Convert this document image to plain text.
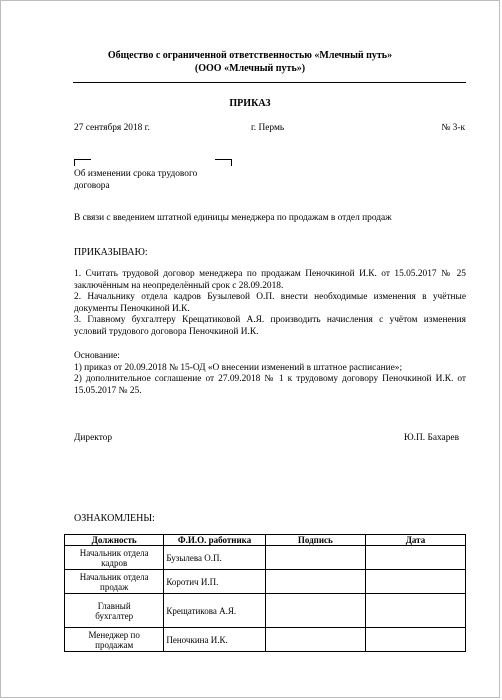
Общество с ограниченной ответственностью «Млечный путь»
(ООО «Млечный путь»)
ПРИКАЗ
27 сентября 2018 г.	г. Пермь	№ 3-к
Об изменении срока трудового
договора
В связи с введением штатной единицы менеджера по продажам в отдел продаж
ПРИКАЗЫВАЮ:
1. Считать трудовой договор менеджера по продажам Пеночкиной И.К. от 15.05.2017 № 25
заключённым на неопределённый срок с 28.09.2018.
2. Начальнику отдела кадров Бузылевой О.П. внести необходимые изменения в учётные
документы Пеночкиной И.К.
3. Главному бухгалтеру Крещатиковой А.Я. производить начисления с учётом изменения
условий трудового договора Пеночкиной И.К.
Основание:
1) приказ от 20.09.2018 № 15-ОД «О внесении изменений в штатное расписание»;
2) дополнительное соглашение от 27.09.2018 № 1 к трудовому договору Пеночкиной И.К. от
15.05.2017 № 25.
Директор	Ю.П. Бахарев
ОЗНАКОМЛЕНЫ:
Должность	Ф.И.О. работника	Подпись	Дата
Начальник отдела
кадров	Бузылева О.П.		
Начальник отдела
продаж	Коротич И.П.		
Главный
бухгалтер	Крещатикова А.Я.		
Менеджер по
продажам	Пеночкина И.К.		
